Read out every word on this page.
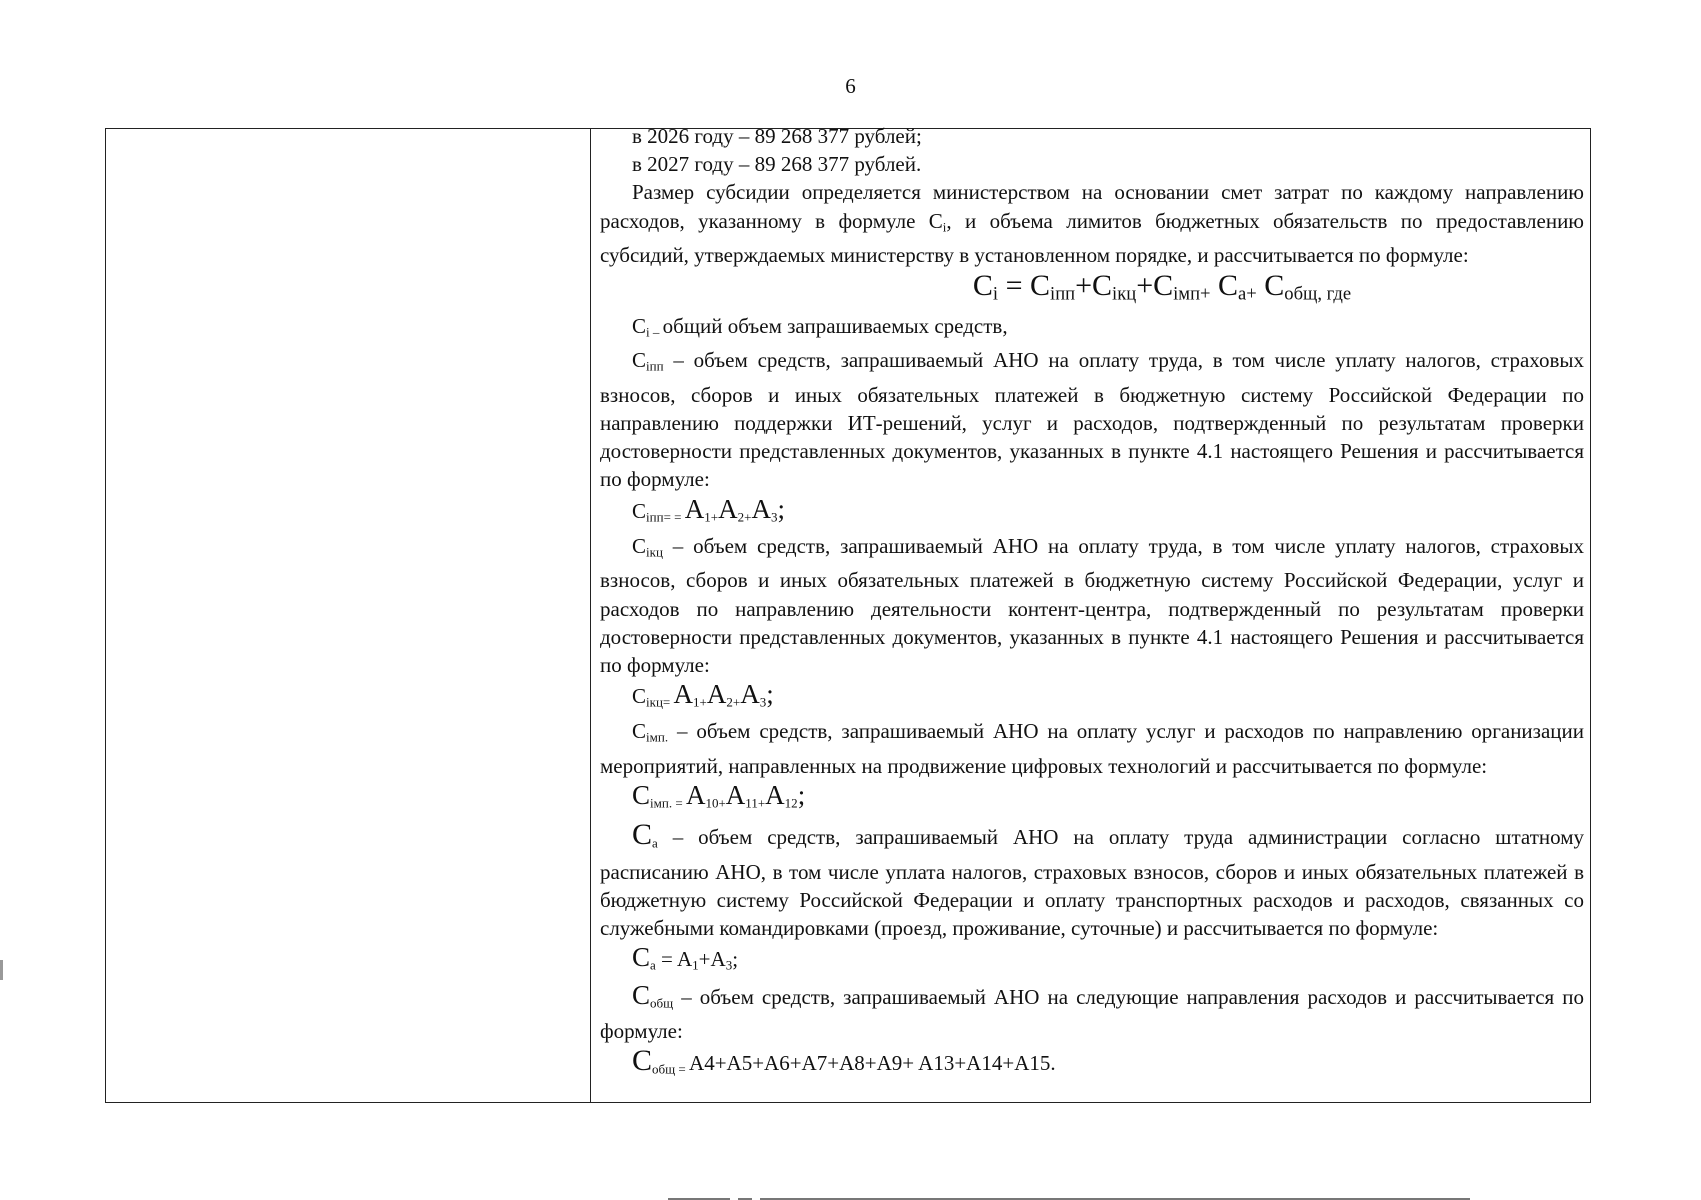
6

в 2026 году – 89 268 377 рублей;

в 2027 году – 89 268 377 рублей.

Размер субсидии определяется министерством на основании смет затрат по каждому направлению расходов, указанному в формуле Ci, и объема лимитов бюджетных обязательств по предоставлению субсидий, утверждаемых министерству в установленном порядке, и рассчитывается по формуле:

Ci = Ciпп+Ciкц+Ciмп+ Ca+ Cобщ, где

Ci – общий объем запрашиваемых средств,

Ciпп – объем средств, запрашиваемый АНО на оплату труда, в том числе уплату налогов, страховых взносов, сборов и иных обязательных платежей в бюджетную систему Российской Федерации по направлению поддержки ИТ-решений, услуг и расходов, подтвержденный по результатам проверки достоверности представленных документов, указанных в пункте 4.1 настоящего Решения и рассчитывается по формуле:

Ciпп= = A1+A2+A3;

Ciкц – объем средств, запрашиваемый АНО на оплату труда, в том числе уплату налогов, страховых взносов, сборов и иных обязательных платежей в бюджетную систему Российской Федерации, услуг и расходов по направлению деятельности контент-центра, подтвержденный по результатам проверки достоверности представленных документов, указанных в пункте 4.1 настоящего Решения и рассчитывается по формуле:

Ciкц= A1+A2+A3;

Ciмп. – объем средств, запрашиваемый АНО на оплату услуг и расходов по направлению организации мероприятий, направленных на продвижение цифровых технологий и рассчитывается по формуле:

Ciмп. = A10+A11+A12;

Ca – объем средств, запрашиваемый АНО на оплату труда администрации согласно штатному расписанию АНО, в том числе уплата налогов, страховых взносов, сборов и иных обязательных платежей в бюджетную систему Российской Федерации и оплату транспортных расходов и расходов, связанных со служебными командировками (проезд, проживание, суточные) и рассчитывается по формуле:

Ca = A1+A3;

Cобщ – объем средств, запрашиваемый АНО на следующие направления расходов и рассчитывается по формуле:

Cобщ = A4+A5+A6+A7+A8+A9+ A13+A14+A15.
